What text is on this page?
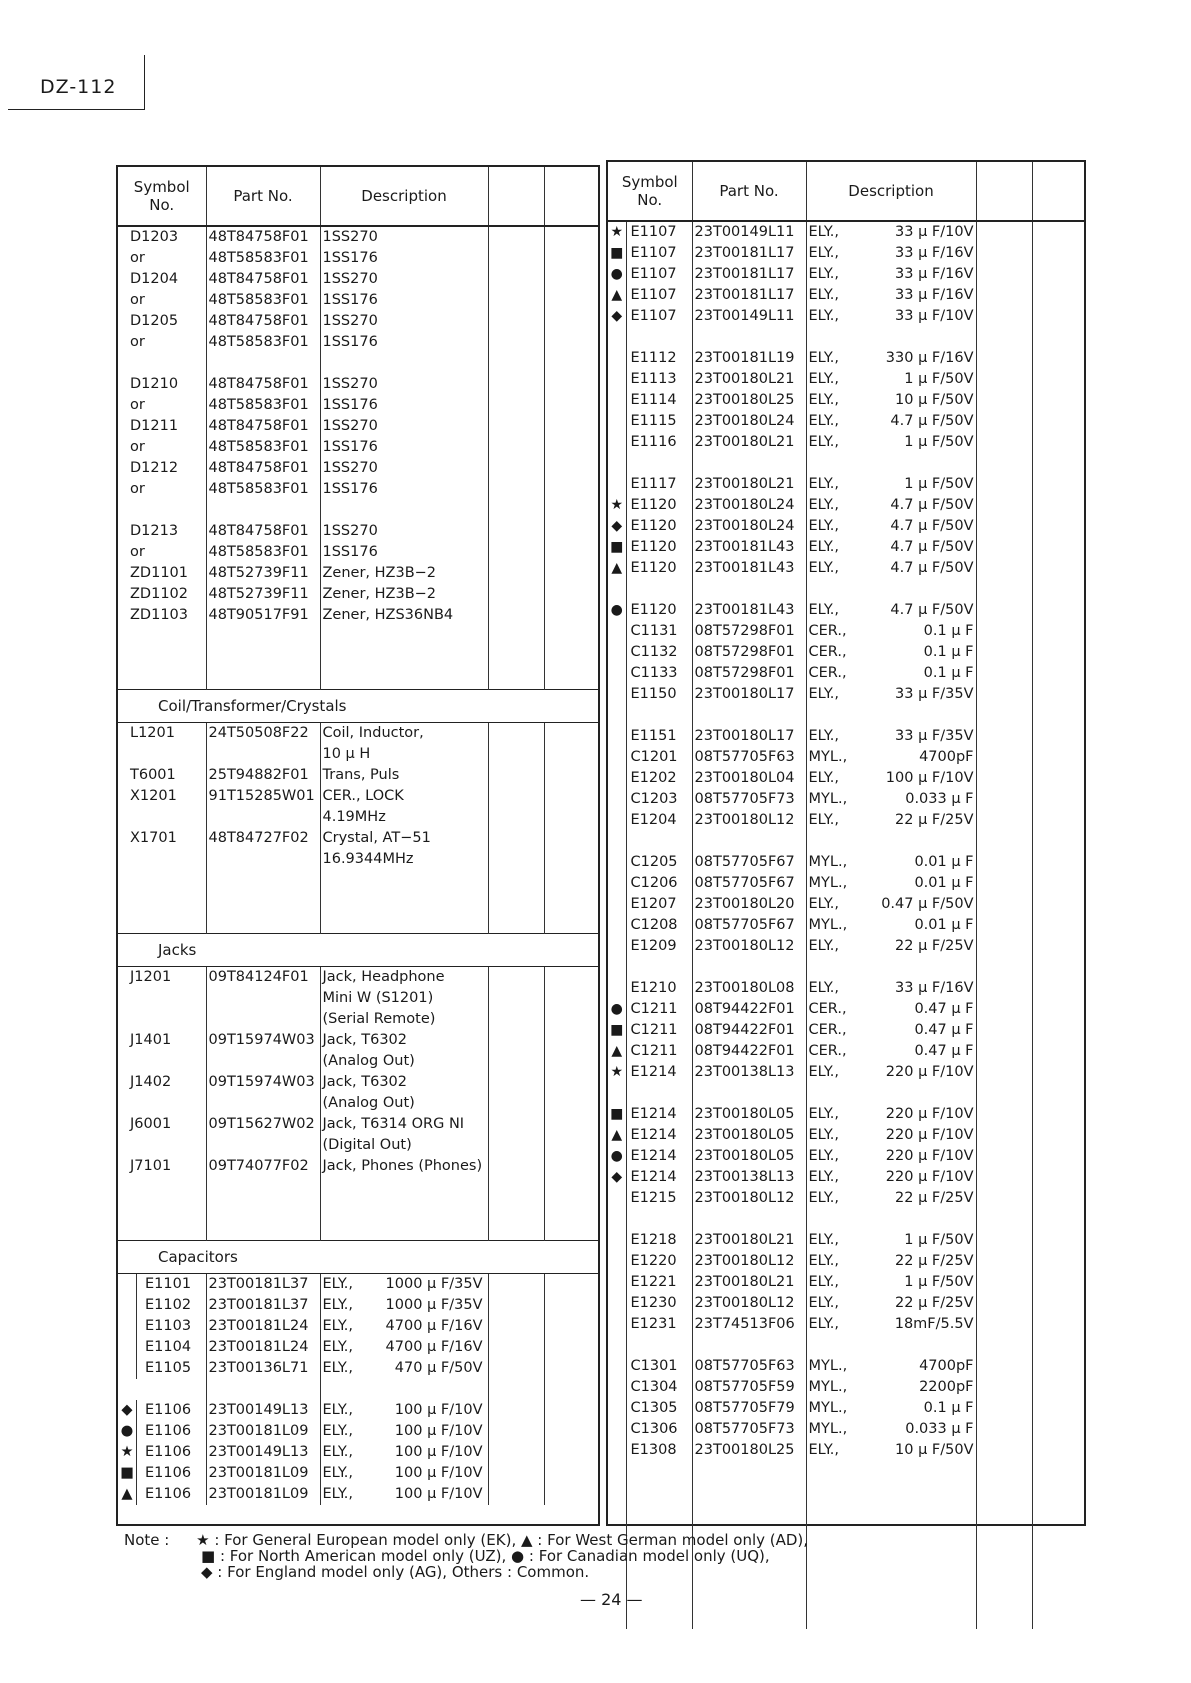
DZ-112
Symbol
No.	Part No.	Description		
D1203	48T84758F01	1SS270		
or	48T58583F01	1SS176		
D1204	48T84758F01	1SS270		
or	48T58583F01	1SS176		
D1205	48T84758F01	1SS270		
or	48T58583F01	1SS176		

D1210	48T84758F01	1SS270		
or	48T58583F01	1SS176		
D1211	48T84758F01	1SS270		
or	48T58583F01	1SS176		
D1212	48T84758F01	1SS270		
or	48T58583F01	1SS176		

D1213	48T84758F01	1SS270		
or	48T58583F01	1SS176		
ZD1101	48T52739F11	Zener, HZ3B−2		
ZD1102	48T52739F11	Zener, HZ3B−2		
ZD1103	48T90517F91	Zener, HZS36NB4		

Coil/Transformer/Crystals				
L1201	24T50508F22	Coil, Inductor,		
		10 μ H		
T6001	25T94882F01	Trans, Puls		
X1201	91T15285W01	CER., LOCK		
		4.19MHz		
X1701	48T84727F02	Crystal, AT−51		
		16.9344MHz		

Jacks				
J1201	09T84124F01	Jack, Headphone		
		Mini W (S1201)		
		(Serial Remote)		
J1401	09T15974W03	Jack, T6302		
		(Analog Out)		
J1402	09T15974W03	Jack, T6302		
		(Analog Out)		
J6001	09T15627W02	Jack, T6314 ORG NI		
		(Digital Out)		
J7101	09T74077F02	Jack, Phones (Phones)		

Capacitors				
E1101	23T00181L37	ELY., 1000 μ F/35V		
E1102	23T00181L37	ELY., 1000 μ F/35V		
E1103	23T00181L24	ELY., 4700 μ F/16V		
E1104	23T00181L24	ELY., 4700 μ F/16V		
E1105	23T00136L71	ELY., 470 μ F/50V		

◆ E1106	23T00149L13	ELY., 100 μ F/10V		
● E1106	23T00181L09	ELY., 100 μ F/10V		
★ E1106	23T00149L13	ELY., 100 μ F/10V		
■ E1106	23T00181L09	ELY., 100 μ F/10V		
▲ E1106	23T00181L09	ELY., 100 μ F/10V		
Symbol
No.		Part No.	Description			
★	E1107	23T00149L11	ELY.,	33 μ F/10V		
■	E1107	23T00181L17	ELY.,	33 μ F/16V		
●	E1107	23T00181L17	ELY.,	33 μ F/16V		
▲	E1107	23T00181L17	ELY.,	33 μ F/16V		
◆	E1107	23T00149L11	ELY.,	33 μ F/10V		

	E1112	23T00181L19	ELY.,	330 μ F/16V		
	E1113	23T00180L21	ELY.,	1 μ F/50V		
	E1114	23T00180L25	ELY.,	10 μ F/50V		
	E1115	23T00180L24	ELY.,	4.7 μ F/50V		
	E1116	23T00180L21	ELY.,	1 μ F/50V		

	E1117	23T00180L21	ELY.,	1 μ F/50V		
★	E1120	23T00180L24	ELY.,	4.7 μ F/50V		
◆	E1120	23T00180L24	ELY.,	4.7 μ F/50V		
■	E1120	23T00181L43	ELY.,	4.7 μ F/50V		
▲	E1120	23T00181L43	ELY.,	4.7 μ F/50V		

●	E1120	23T00181L43	ELY.,	4.7 μ F/50V		
	C1131	08T57298F01	CER.,	0.1 μ F		
	C1132	08T57298F01	CER.,	0.1 μ F		
	C1133	08T57298F01	CER.,	0.1 μ F		
	E1150	23T00180L17	ELY.,	33 μ F/35V		

	E1151	23T00180L17	ELY.,	33 μ F/35V		
	C1201	08T57705F63	MYL.,	4700pF		
	E1202	23T00180L04	ELY.,	100 μ F/10V		
	C1203	08T57705F73	MYL.,	0.033 μ F		
	E1204	23T00180L12	ELY.,	22 μ F/25V		

	C1205	08T57705F67	MYL.,	0.01 μ F		
	C1206	08T57705F67	MYL.,	0.01 μ F		
	E1207	23T00180L20	ELY.,	0.47 μ F/50V		
	C1208	08T57705F67	MYL.,	0.01 μ F		
	E1209	23T00180L12	ELY.,	22 μ F/25V		

	E1210	23T00180L08	ELY.,	33 μ F/16V		
●	C1211	08T94422F01	CER.,	0.47 μ F		
■	C1211	08T94422F01	CER.,	0.47 μ F		
▲	C1211	08T94422F01	CER.,	0.47 μ F		
★	E1214	23T00138L13	ELY.,	220 μ F/10V		

■	E1214	23T00180L05	ELY.,	220 μ F/10V		
▲	E1214	23T00180L05	ELY.,	220 μ F/10V		
●	E1214	23T00180L05	ELY.,	220 μ F/10V		
◆	E1214	23T00138L13	ELY.,	220 μ F/10V		
	E1215	23T00180L12	ELY.,	22 μ F/25V		

	E1218	23T00180L21	ELY.,	1 μ F/50V		
	E1220	23T00180L12	ELY.,	22 μ F/25V		
	E1221	23T00180L21	ELY.,	1 μ F/50V		
	E1230	23T00180L12	ELY.,	22 μ F/25V		
	E1231	23T74513F06	ELY.,	18mF/5.5V		

	C1301	08T57705F63	MYL.,	4700pF		
	C1304	08T57705F59	MYL.,	2200pF		
	C1305	08T57705F79	MYL.,	0.1 μ F		
	C1306	08T57705F73	MYL.,	0.033 μ F		
	E1308	23T00180L25	ELY.,	10 μ F/50V		

Note : ★ : For General European model only (EK), ▲ : For West German model only (AD),
■ : For North American model only (UZ), ● : For Canadian model only (UQ),
◆ : For England model only (AG), Others : Common.
— 24 —
